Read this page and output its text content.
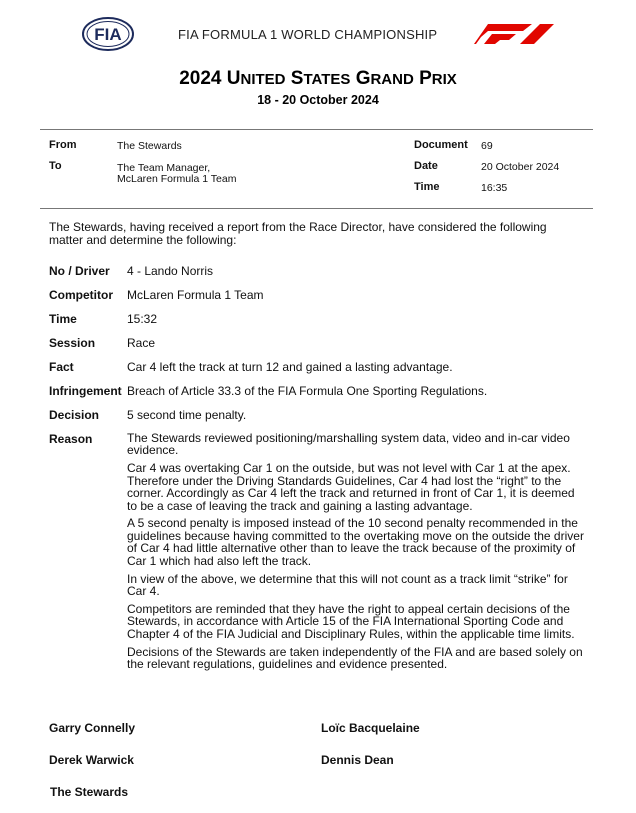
FIA	FIA FORMULA 1 WORLD CHAMPIONSHIP
2024 UNITED STATES GRAND PRIX
18 - 20 October 2024
From	The Stewards
To	The Team Manager,
McLaren Formula 1 Team
Document 69
Date	20 October 2024
Time	16:35
The Stewards, having received a report from the Race Director, have considered the following matter and determine the following:
No / Driver 4 - Lando Norris
Competitor McLaren Formula 1 Team
Time	15:32
Session	Race
Fact	Car 4 left the track at turn 12 and gained a lasting advantage.
Infringement Breach of Article 33.3 of the FIA Formula One Sporting Regulations.
Decision 5 second time penalty.
Reason	The Stewards reviewed positioning/marshalling system data, video and in-car video evidence.

Car 4 was overtaking Car 1 on the outside, but was not level with Car 1 at the apex. Therefore under the Driving Standards Guidelines, Car 4 had lost the “right” to the corner. Accordingly as Car 4 left the track and returned in front of Car 1, it is deemed to be a case of leaving the track and gaining a lasting advantage.

A 5 second penalty is imposed instead of the 10 second penalty recommended in the guidelines because having committed to the overtaking move on the outside the driver of Car 4 had little alternative other than to leave the track because of the proximity of Car 1 which had also left the track.

In view of the above, we determine that this will not count as a track limit “strike” for Car 4.

Competitors are reminded that they have the right to appeal certain decisions of the Stewards, in accordance with Article 15 of the FIA International Sporting Code and Chapter 4 of the FIA Judicial and Disciplinary Rules, within the applicable time limits.

Decisions of the Stewards are taken independently of the FIA and are based solely on the relevant regulations, guidelines and evidence presented.

Garry Connelly	Loïc Bacquelaine
Derek Warwick	Dennis Dean
The Stewards
